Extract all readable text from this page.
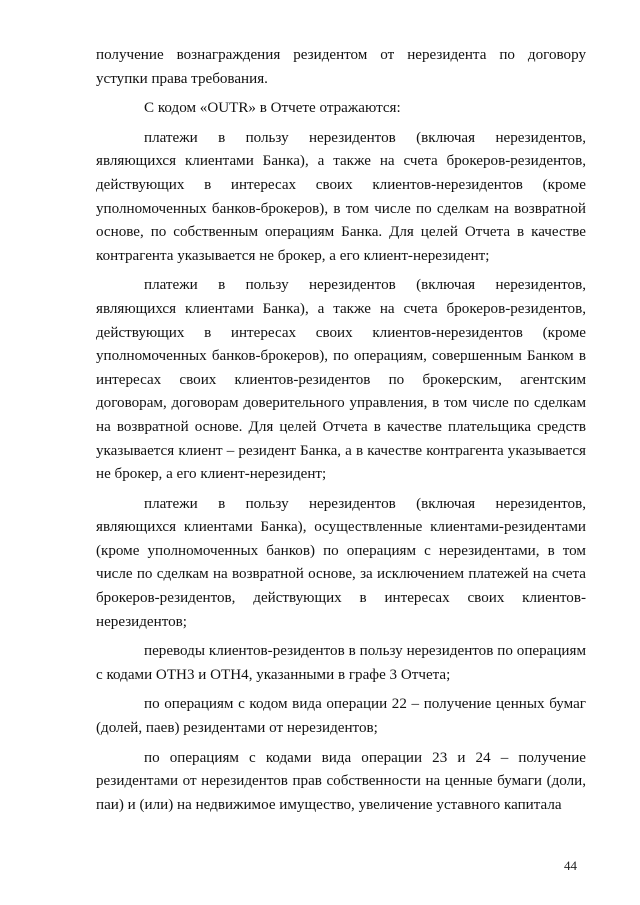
получение вознаграждения резидентом от нерезидента по договору уступки права требования.

С кодом «OUTR» в Отчете отражаются:

платежи в пользу нерезидентов (включая нерезидентов, являющихся клиентами Банка), а также на счета брокеров-резидентов, действующих в интересах своих клиентов-нерезидентов (кроме уполномоченных банков-брокеров), в том числе по сделкам на возвратной основе, по собственным операциям Банка. Для целей Отчета в качестве контрагента указывается не брокер, а его клиент-нерезидент;

платежи в пользу нерезидентов (включая нерезидентов, являющихся клиентами Банка), а также на счета брокеров-резидентов, действующих в интересах своих клиентов-нерезидентов (кроме уполномоченных банков-брокеров), по операциям, совершенным Банком в интересах своих клиентов-резидентов по брокерским, агентским договорам, договорам доверительного управления, в том числе по сделкам на возвратной основе. Для целей Отчета в качестве плательщика средств указывается клиент – резидент Банка, а в качестве контрагента указывается не брокер, а его клиент-нерезидент;

платежи в пользу нерезидентов (включая нерезидентов, являющихся клиентами Банка), осуществленные клиентами-резидентами (кроме уполномоченных банков) по операциям с нерезидентами, в том числе по сделкам на возвратной основе, за исключением платежей на счета брокеров-резидентов, действующих в интересах своих клиентов-нерезидентов;

переводы клиентов-резидентов в пользу нерезидентов по операциям с кодами ОТН3 и ОТН4, указанными в графе 3 Отчета;

по операциям с кодом вида операции 22 – получение ценных бумаг (долей, паев) резидентами от нерезидентов;

по операциям с кодами вида операции 23 и 24 – получение резидентами от нерезидентов прав собственности на ценные бумаги (доли, паи) и (или) на недвижимое имущество, увеличение уставного капитала

44
